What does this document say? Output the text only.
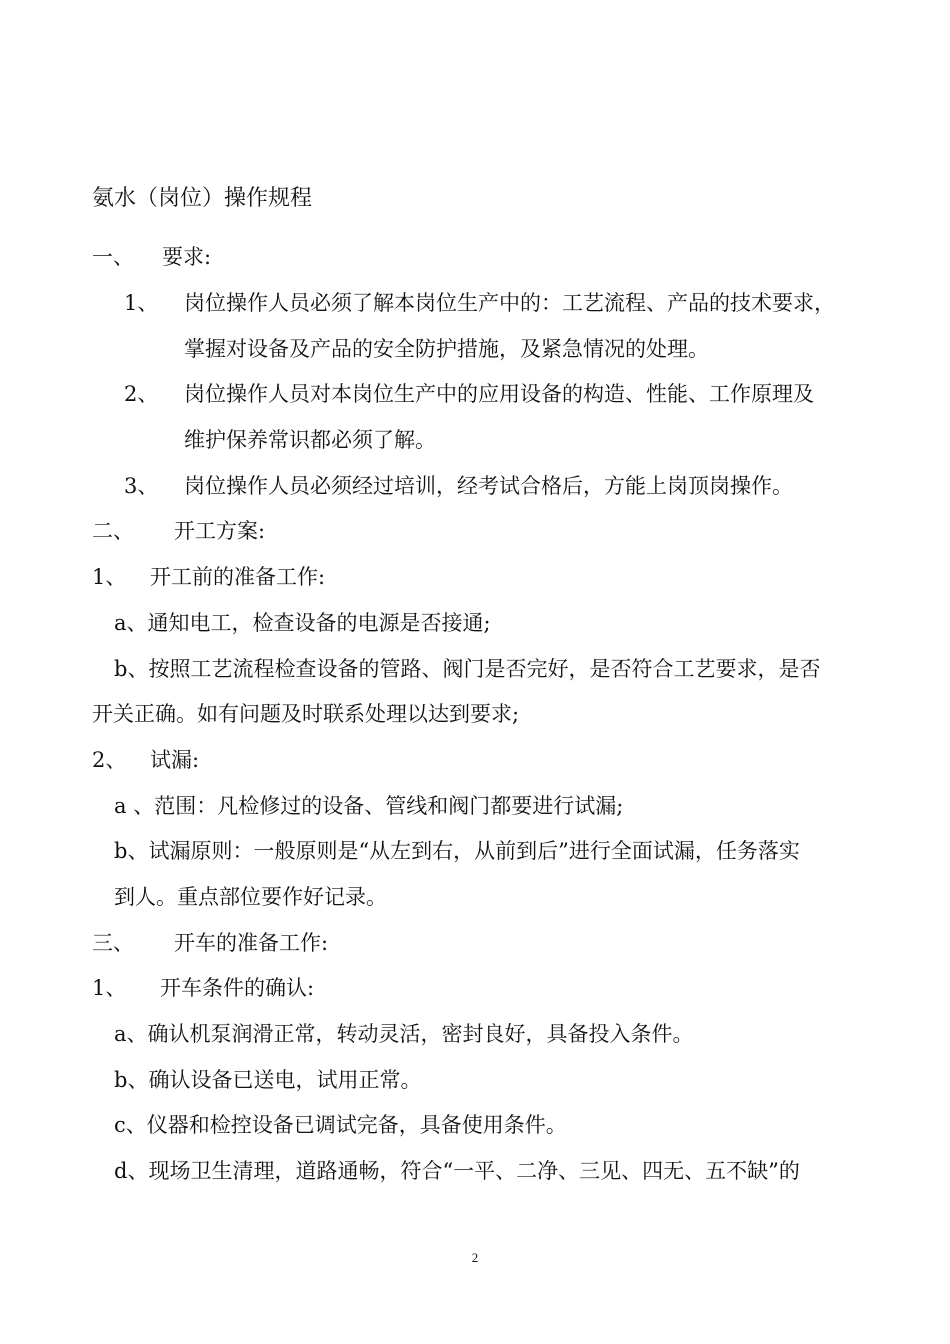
氨水（岗位）操作规程
一、 要求:
1、 岗位操作人员必须了解本岗位生产中的：工艺流程、产品的技术要求，
掌握对设备及产品的安全防护措施，及紧急情况的处理。
2、 岗位操作人员对本岗位生产中的应用设备的构造、性能、工作原理及
维护保养常识都必须了解。
3、 岗位操作人员必须经过培训，经考试合格后，方能上岗顶岗操作。
二、 开工方案:
1、 开工前的准备工作:
a、通知电工，检查设备的电源是否接通;
b、按照工艺流程检查设备的管路、阀门是否完好，是否符合工艺要求，是否
开关正确。如有问题及时联系处理以达到要求;
2、 试漏:
a 、范围：凡检修过的设备、管线和阀门都要进行试漏;
b、试漏原则：一般原则是“从左到右，从前到后”进行全面试漏，任务落实
到人。重点部位要作好记录。
三、 开车的准备工作:
1、 开车条件的确认:
a、确认机泵润滑正常，转动灵活，密封良好，具备投入条件。
b、确认设备已送电，试用正常。
c、仪器和检控设备已调试完备，具备使用条件。
d、现场卫生清理，道路通畅，符合“一平、二净、三见、四无、五不缺”的
2
